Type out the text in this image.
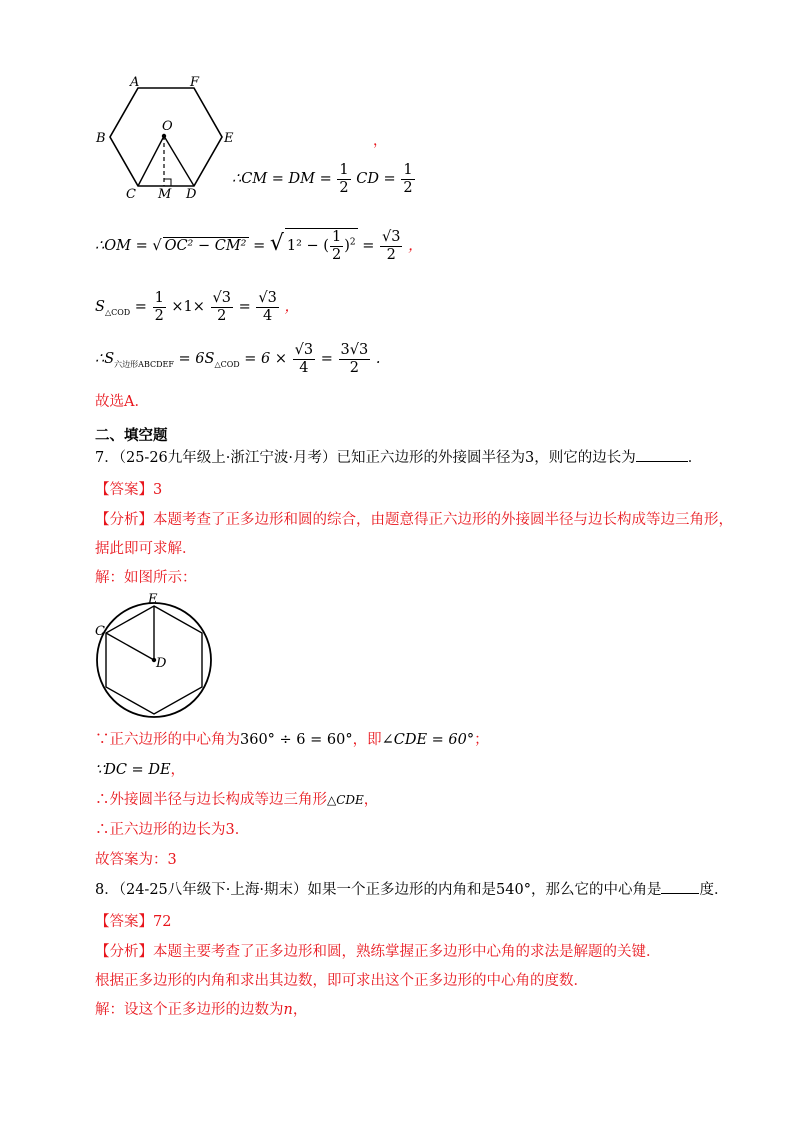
A	F
B
O
E
C M D
，
∴CM = DM = $\frac{1}{2}$ CD = $\frac{1}{2}$
∴OM = √ OC² − CM² = √ 1² − ( $\frac{1}{2} )^2 = \frac{√3}{2}$ ，
$S_{\triangle COD} = \frac{1}{2} \times 1\times \frac{√3}{2} = \frac{√3}{4}$ ，
$\therefore S_{六边形ABCDEF} = 6S_{\triangle COD} = 6 \times \frac{√3}{4} = \frac{3√3}{2}$ .
故选A．
二、填空题
7．（25-26九年级上·浙江宁波·月考）已知正六边形的外接圆半径为3，则它的边长为	．
【答案】3
【分析】本题考查了正多边形和圆的综合，由题意得正六边形的外接圆半径与边长构成等边三角形，
据此即可求解．
解：如图所示：
E
C
D
∵正六边形的中心角为360° ÷ 6 = 60°，即∠CDE = 60°；
∵DC = DE，
∴外接圆半径与边长构成等边三角形△CDE，
∴正六边形的边长为3．
故答案为：3
8．（24-25八年级下·上海·期末）如果一个正多边形的内角和是540°，那么它的中心角是	度．
【答案】72
【分析】本题主要考查了正多边形和圆，熟练掌握正多边形中心角的求法是解题的关键．
根据正多边形的内角和求出其边数，即可求出这个正多边形的中心角的度数．
解：设这个正多边形的边数为n，
